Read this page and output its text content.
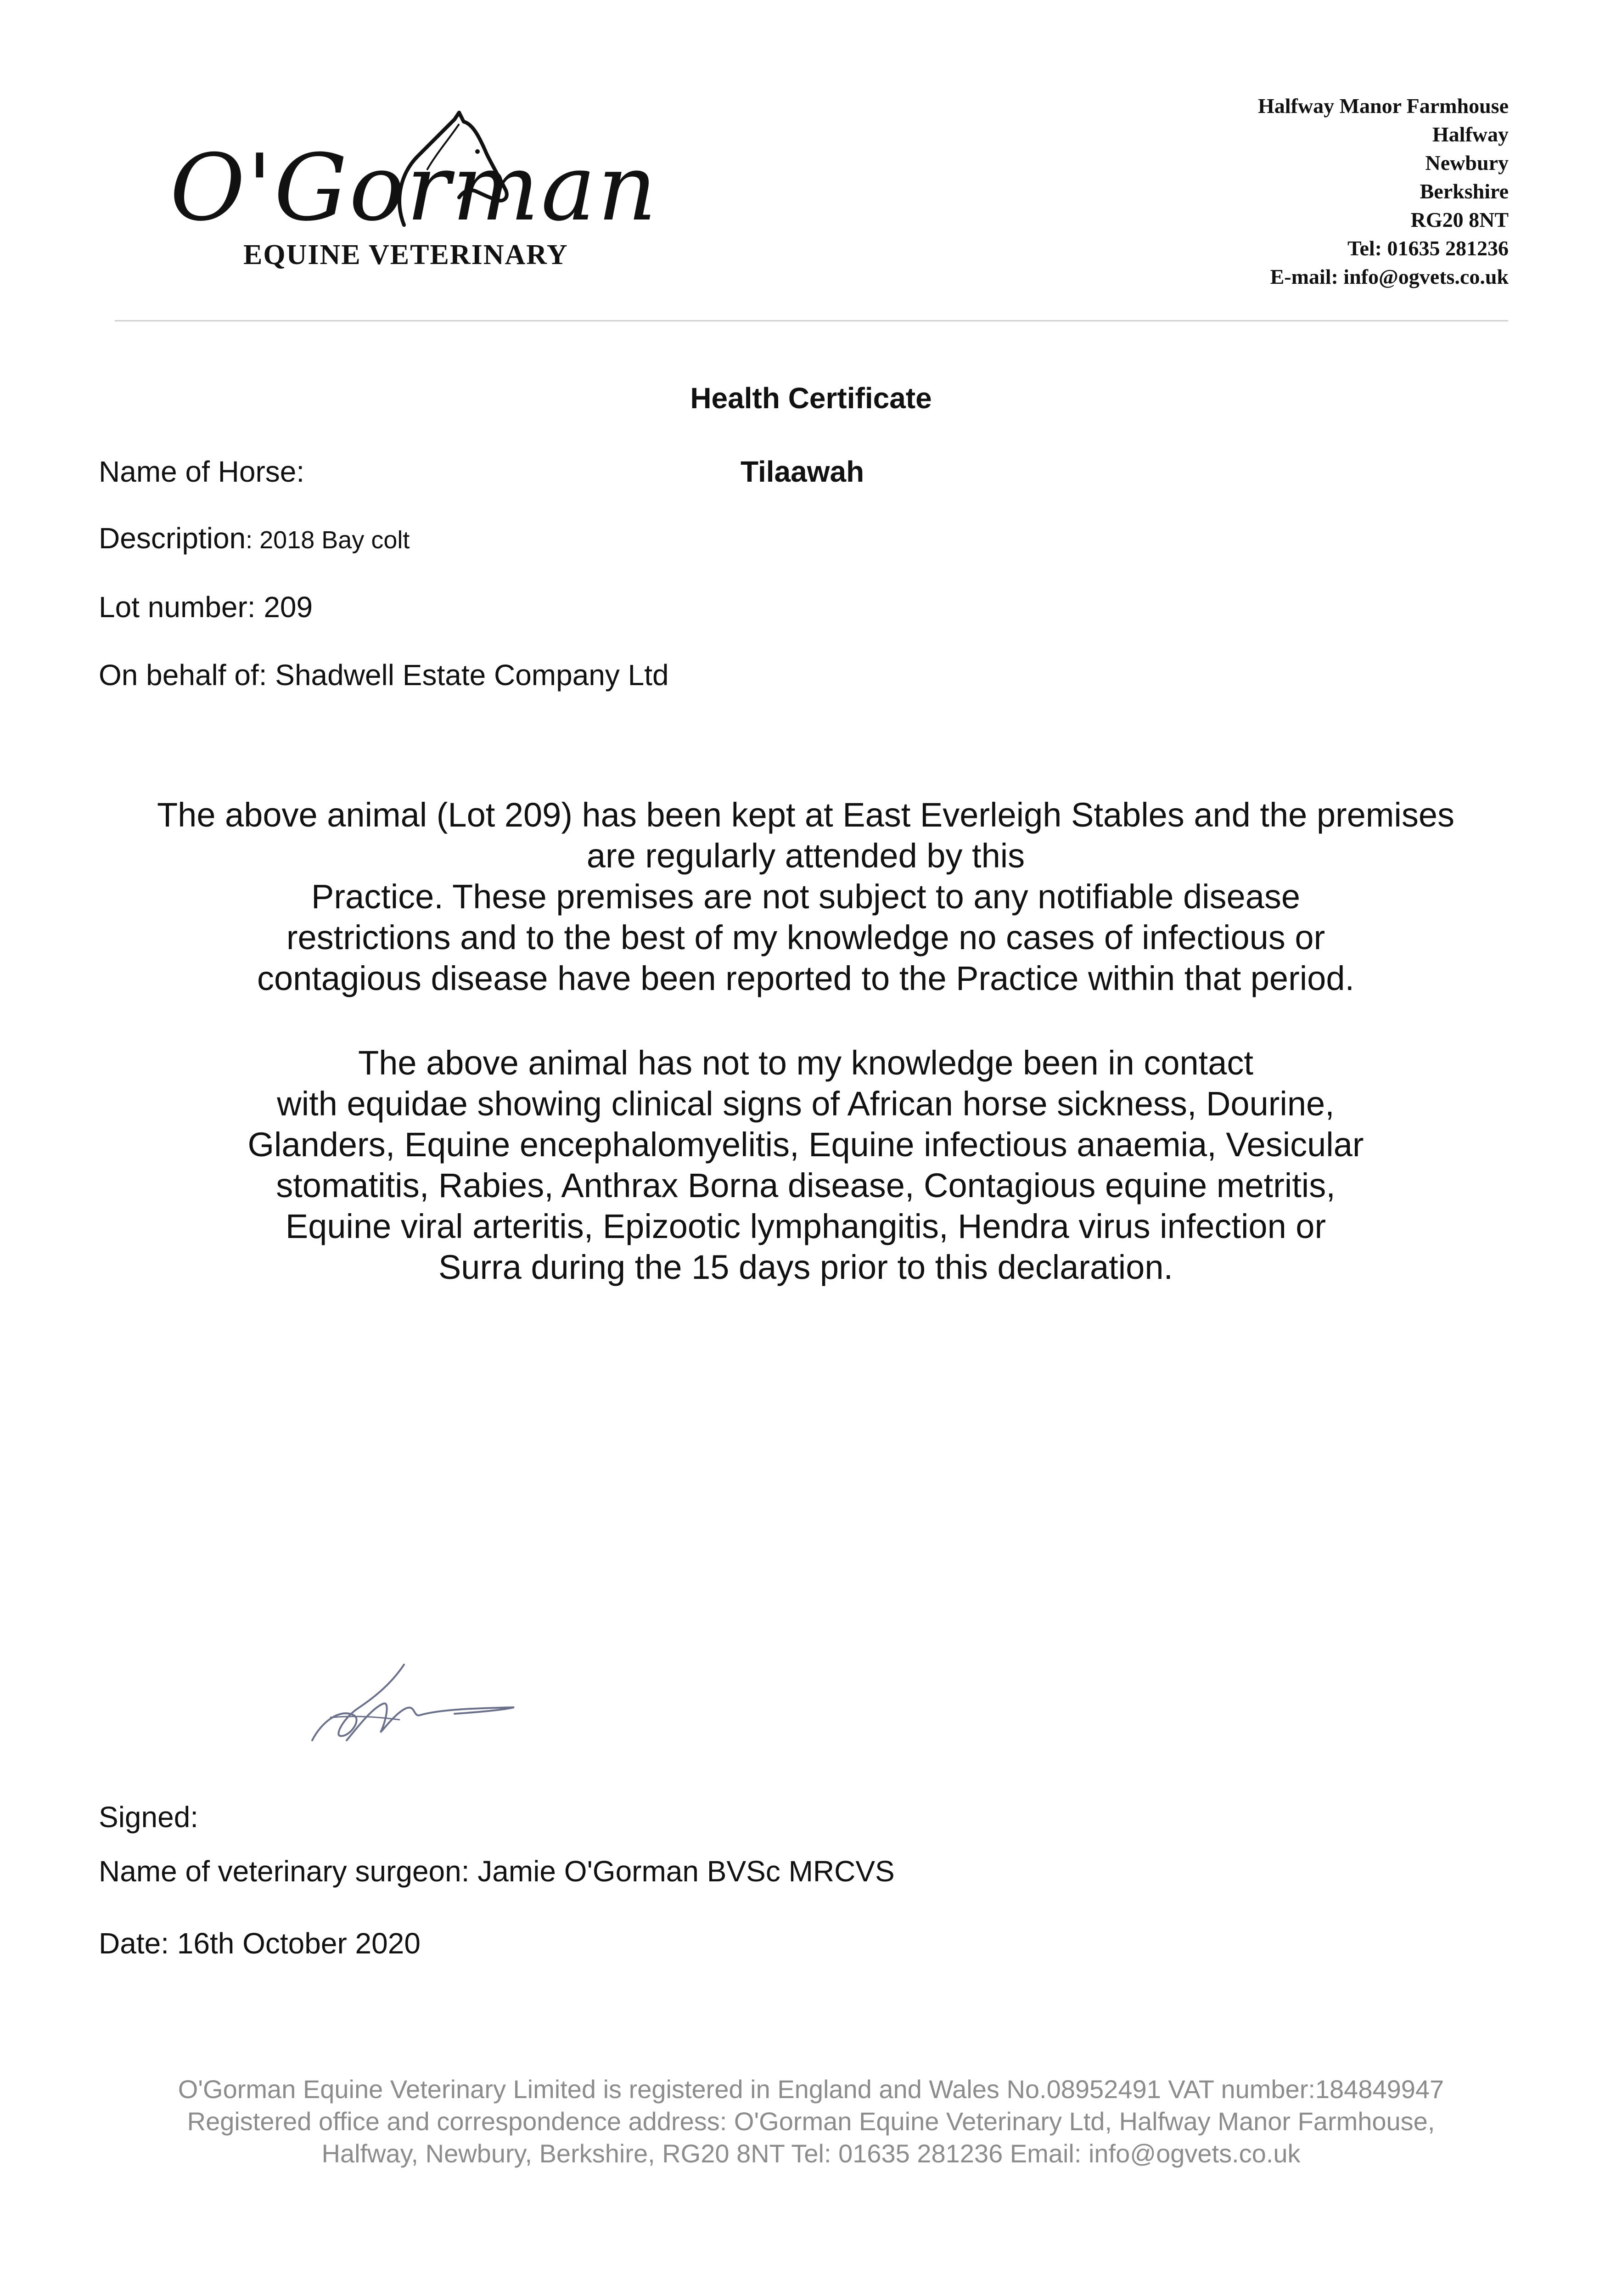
O'Gorman
EQUINE VETERINARY
Halfway Manor Farmhouse
Halfway
Newbury
Berkshire
RG20 8NT
Tel: 01635 281236
E-mail: info@ogvets.co.uk
Health Certificate
Name of Horse:	Tilaawah
Description: 2018 Bay colt
Lot number: 209
On behalf of: Shadwell Estate Company Ltd
The above animal (Lot 209) has been kept at East Everleigh Stables and the premises
are regularly attended by this
Practice. These premises are not subject to any notifiable disease
restrictions and to the best of my knowledge no cases of infectious or
contagious disease have been reported to the Practice within that period.
The above animal has not to my knowledge been in contact
with equidae showing clinical signs of African horse sickness, Dourine,
Glanders, Equine encephalomyelitis, Equine infectious anaemia, Vesicular
stomatitis, Rabies, Anthrax Borna disease, Contagious equine metritis,
Equine viral arteritis, Epizootic lymphangitis, Hendra virus infection or
Surra during the 15 days prior to this declaration.
Signed:
Name of veterinary surgeon: Jamie O'Gorman BVSc MRCVS
Date: 16th October 2020
O'Gorman Equine Veterinary Limited is registered in England and Wales No.08952491 VAT number:184849947
Registered office and correspondence address: O'Gorman Equine Veterinary Ltd, Halfway Manor Farmhouse,
Halfway, Newbury, Berkshire, RG20 8NT Tel: 01635 281236 Email: info@ogvets.co.uk
